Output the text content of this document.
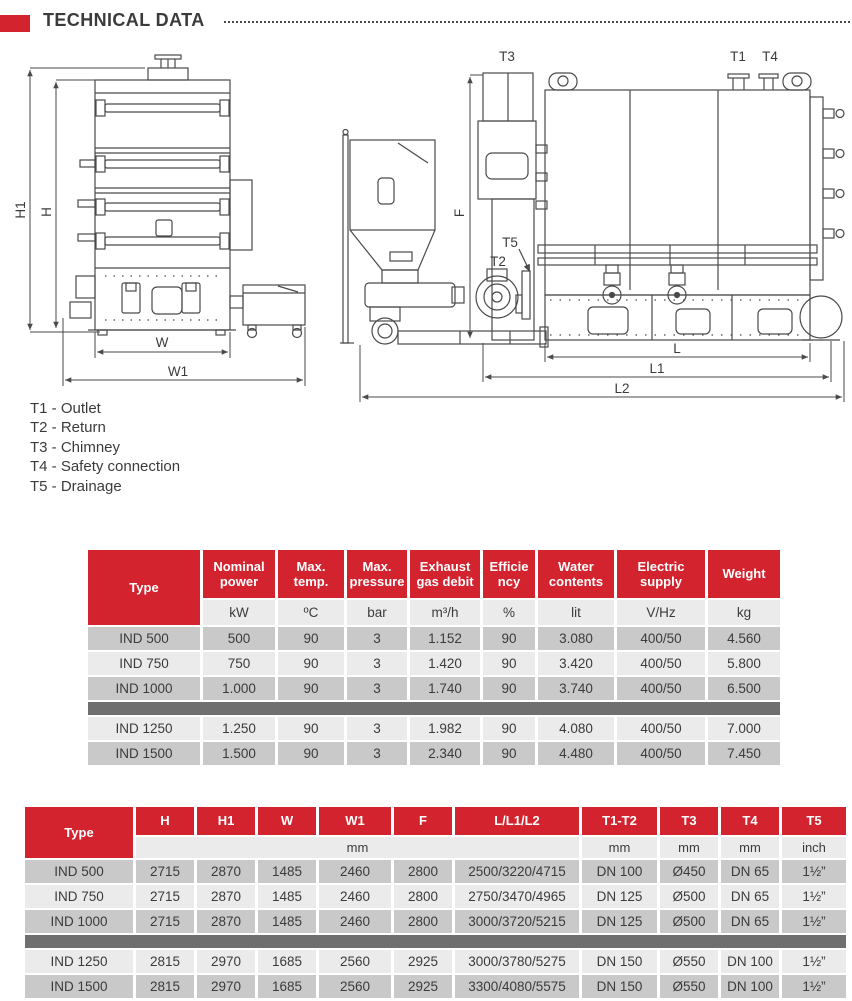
TECHNICAL DATA
H1 H
W
W1
T3	T1 T4
T5
T2
F
L
L1
L2
T1 - Outlet
T2 - Return
T3 - Chimney
T4 - Safety connection
T5 - Drainage
Type	Nominal power	Max. temp.	Max. pressure	Exhaust gas debit	Efficie ncy	Water contents	Electric supply	Weight
	kW	ºC	bar	m³/h	%	lit	V/Hz	kg
IND 500	500	90	3	1.152	90	3.080	400/50	4.560
IND 750	750	90	3	1.420	90	3.420	400/50	5.800
IND 1000	1.000	90	3	1.740	90	3.740	400/50	6.500

IND 1250	1.250	90	3	1.982	90	4.080	400/50	7.000
IND 1500	1.500	90	3	2.340	90	4.480	400/50	7.450
Type	H	H1	W	W1	F	L/L1/L2	T1-T2	T3	T4	T5
	mm						mm	mm	mm	inch
IND 500	2715	2870	1485	2460	2800	2500/3220/4715	DN 100	Ø450	DN 65	1½”
IND 750	2715	2870	1485	2460	2800	2750/3470/4965	DN 125	Ø500	DN 65	1½”
IND 1000	2715	2870	1485	2460	2800	3000/3720/5215	DN 125	Ø500	DN 65	1½”

IND 1250	2815	2970	1685	2560	2925	3000/3780/5275	DN 150	Ø550	DN 100	1½”
IND 1500	2815	2970	1685	2560	2925	3300/4080/5575	DN 150	Ø550	DN 100	1½”
